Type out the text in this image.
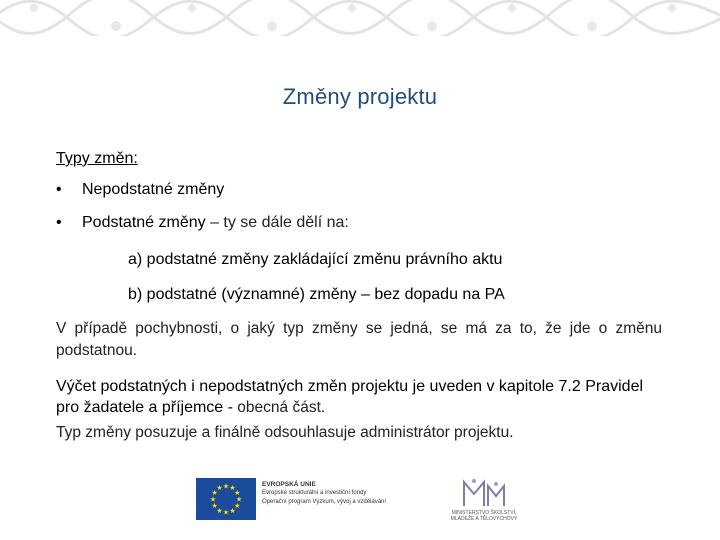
Změny projektu
Typy změn:
• Nepodstatné změny
• Podstatné změny – ty se dále dělí na:
a) podstatné změny zakládající změnu právního aktu
b) podstatné (významné) změny – bez dopadu na PA
V případě pochybnosti, o jaký typ změny se jedná, se má za to, že jde o změnu podstatnou.
Výčet podstatných i nepodstatných změn projektu je uveden v kapitole 7.2 Pravidel pro žadatele a příjemce - obecná část.
Typ změny posuzuje a finálně odsouhlasuje administrátor projektu.
★ ★
★
★
★
★
★
★
★
★
★
★
EVROPSKÁ UNIE
Evropské strukturální a investiční fondy
Operační program Výzkum, vývoj a vzdělávání
MINISTERSTVO ŠKOLSTVÍ, MLÁDEŽE A TĚLOVÝCHOVY
